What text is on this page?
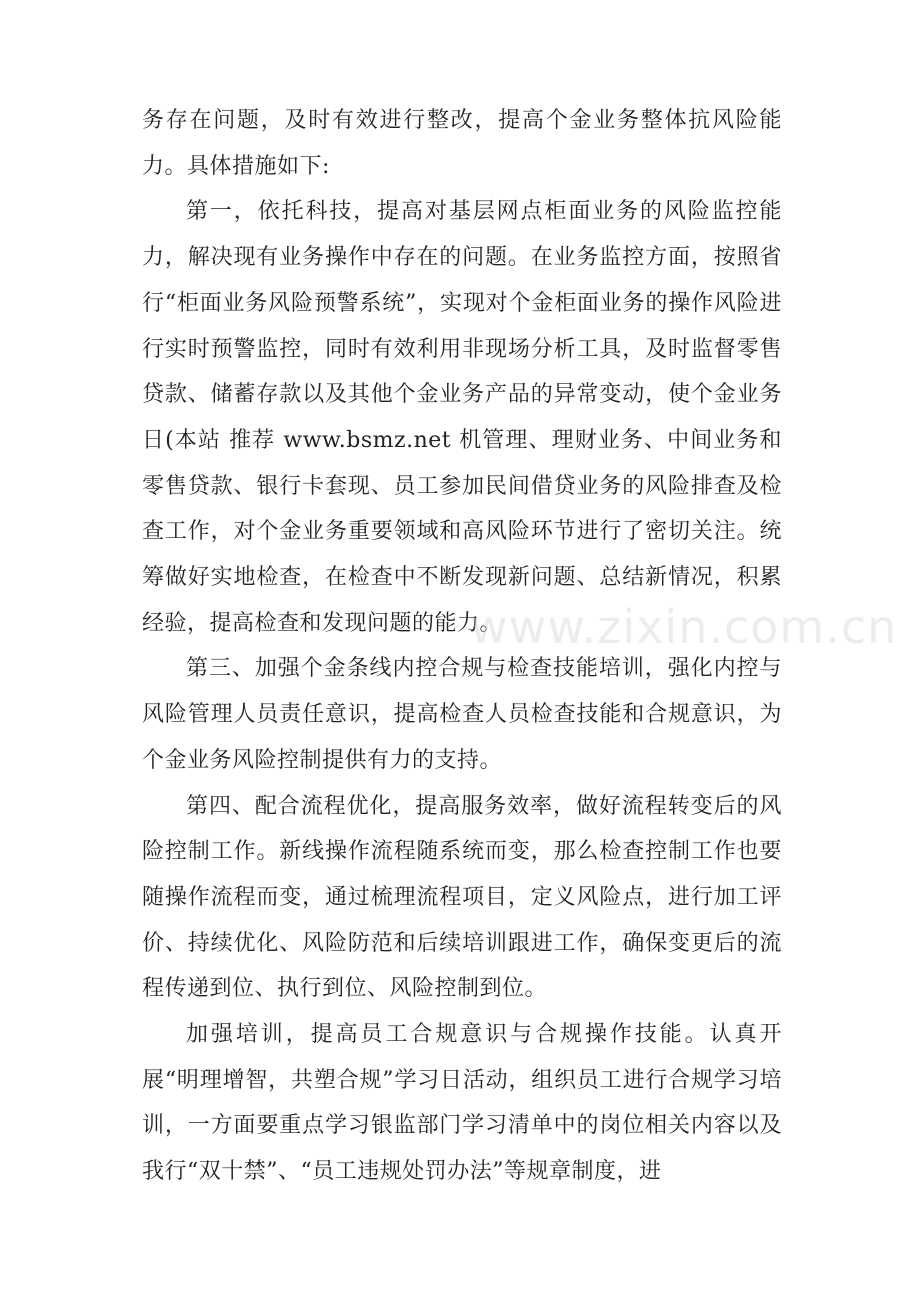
务存在问题，及时有效进行整改，提高个金业务整体抗风险能力。具体措施如下:

第一，依托科技，提高对基层网点柜面业务的风险监控能力，解决现有业务操作中存在的问题。在业务监控方面，按照省行“柜面业务风险预警系统”，实现对个金柜面业务的操作风险进行实时预警监控，同时有效利用非现场分析工具，及时监督零售贷款、储蓄存款以及其他个金业务产品的异常变动，使个金业务日(本站 推荐 www.bsmz.net 机管理、理财业务、中间业务和零售贷款、银行卡套现、员工参加民间借贷业务的风险排查及检查工作，对个金业务重要领域和高风险环节进行了密切关注。统筹做好实地检查，在检查中不断发现新问题、总结新情况，积累经验，提高检查和发现问题的能力。

第三、加强个金条线内控合规与检查技能培训，强化内控与风险管理人员责任意识，提高检查人员检查技能和合规意识，为个金业务风险控制提供有力的支持。

第四、配合流程优化，提高服务效率，做好流程转变后的风险控制工作。新线操作流程随系统而变，那么检查控制工作也要随操作流程而变，通过梳理流程项目，定义风险点，进行加工评价、持续优化、风险防范和后续培训跟进工作，确保变更后的流程传递到位、执行到位、风险控制到位。

加强培训，提高员工合规意识与合规操作技能。认真开展“明理增智，共塑合规”学习日活动，组织员工进行合规学习培训，一方面要重点学习银监部门学习清单中的岗位相关内容以及我行“双十禁”、“员工违规处罚办法”等规章制度，进

www.zixin.com.cn
